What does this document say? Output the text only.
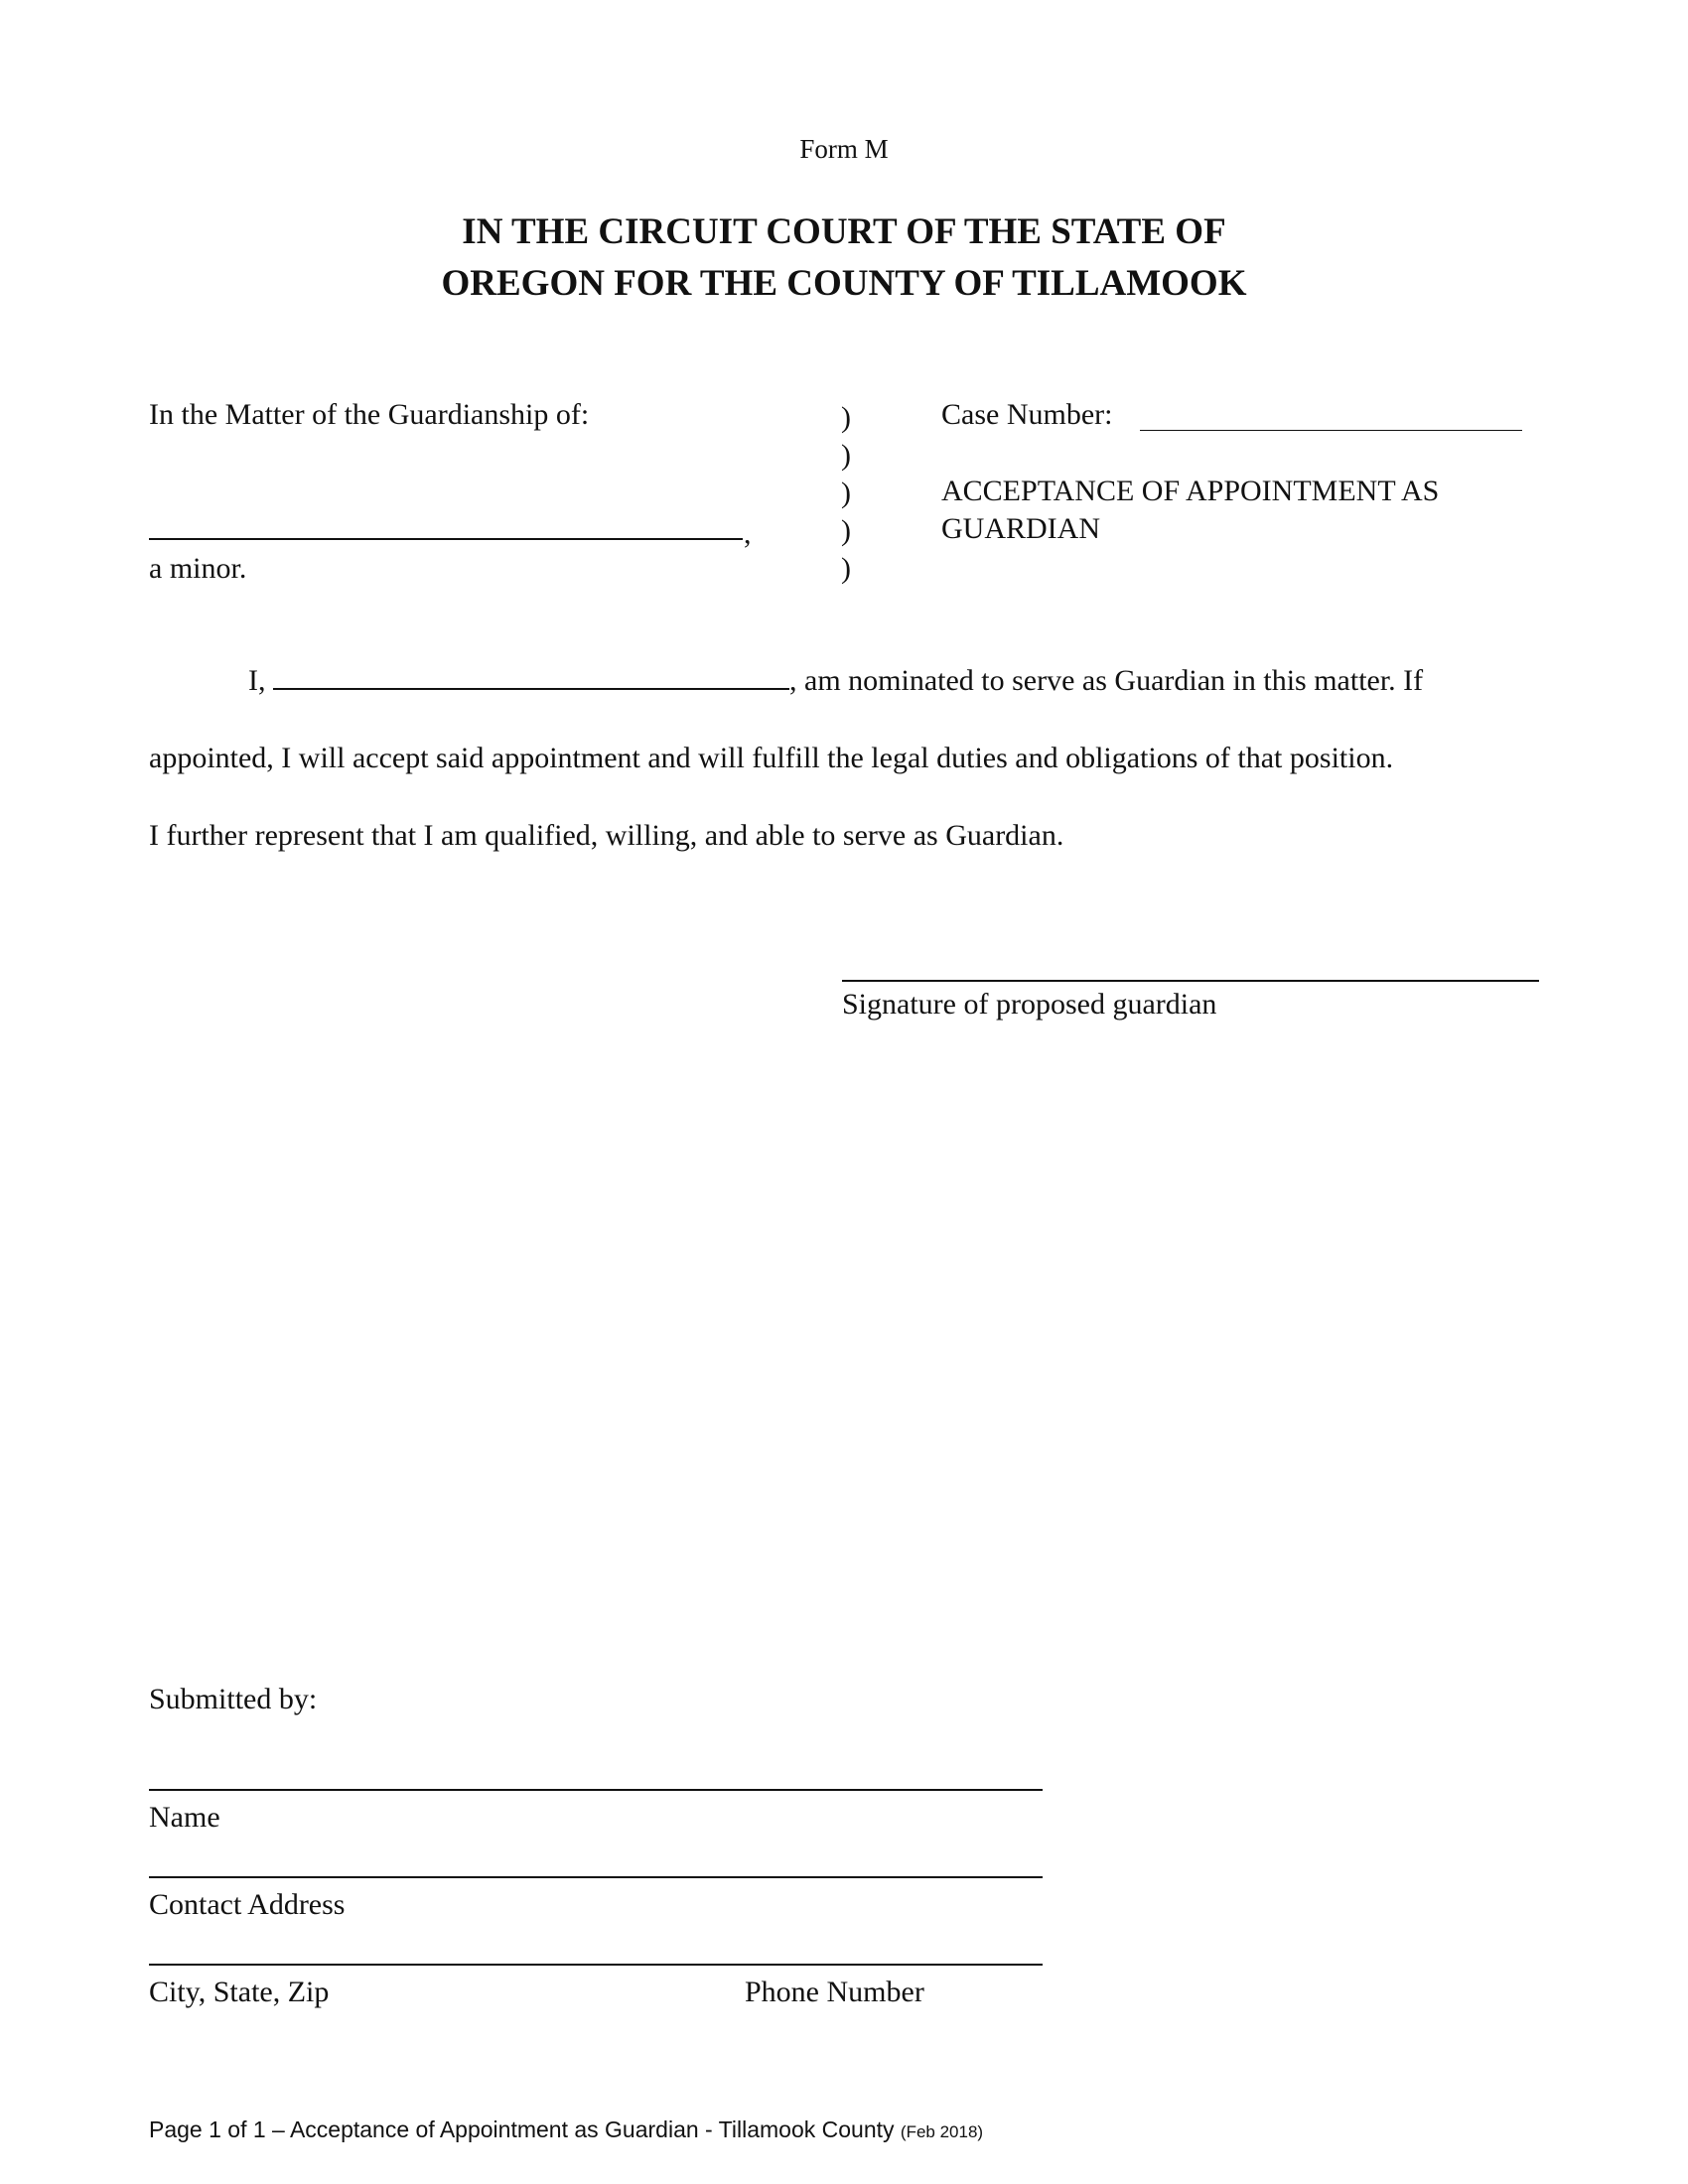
Form M
IN THE CIRCUIT COURT OF THE STATE OF
OREGON FOR THE COUNTY OF TILLAMOOK
In the Matter of the Guardianship of:
,
a minor.
)
)
)
)
)
Case Number:
ACCEPTANCE OF APPOINTMENT AS
GUARDIAN

I,	, am nominated to serve as Guardian in this matter. If

appointed, I will accept said appointment and will fulfill the legal duties and obligations of that position.

I further represent that I am qualified, willing, and able to serve as Guardian.

Signature of proposed guardian
Submitted by:
Name
Contact Address
City, State, Zip	Phone Number
Page 1 of 1 – Acceptance of Appointment as Guardian - Tillamook County (Feb 2018)
